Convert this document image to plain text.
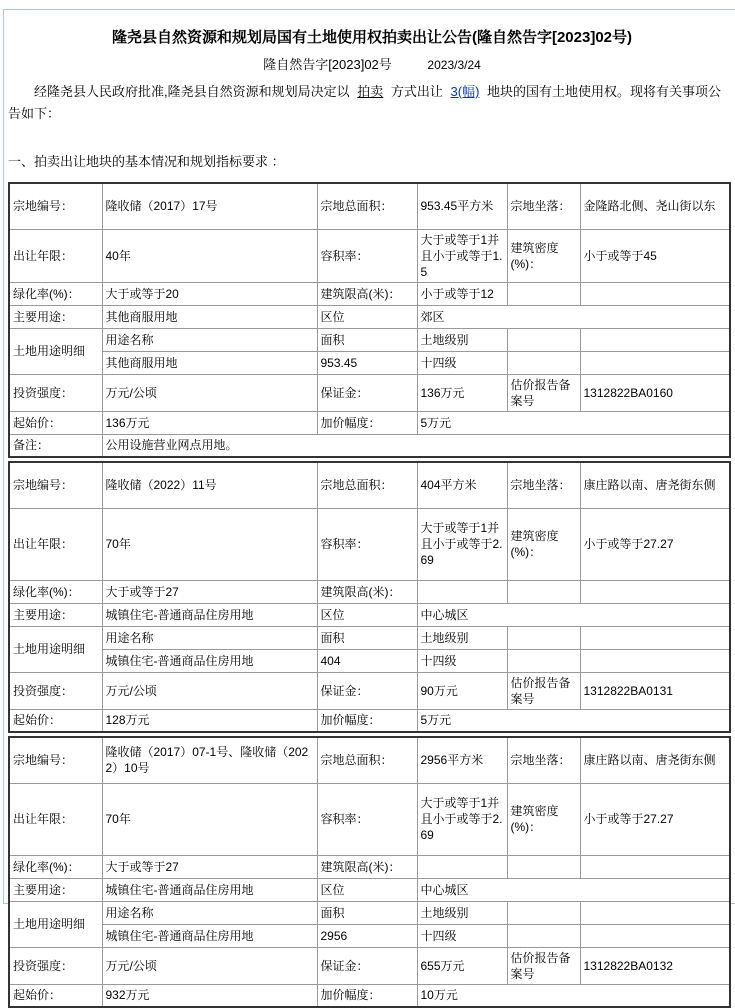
隆尧县自然资源和规划局国有土地使用权拍卖出让公告(隆自然告字[2023]02号)
隆自然告字[2023]02号	2023/3/24

经隆尧县人民政府批准,隆尧县自然资源和规划局决定以 拍卖 方式出让 3(幅) 地块的国有土地使用权。现将有关事项公告如下：

一、拍卖出让地块的基本情况和规划指标要求 ：

宗地编号：	隆收储（2017）17号	宗地总面积：	953.45平方米	宗地坐落：	金隆路北侧、尧山街以东
出让年限：	40年	容积率：	大于或等于1并且小于或等于1.5	建筑密度(%)：	小于或等于45
绿化率(%)：	大于或等于20	建筑限高(米)：	小于或等于12		
主要用途：	其他商服用地	区位	郊区		
土地用途明细	用途名称	面积	土地级别		
	其他商服用地	953.45	十四级		
投资强度：	万元/公顷	保证金：	136万元	估价报告备案号	1312822BA0160
起始价：	136万元	加价幅度：	5万元		
备注：	公用设施营业网点用地。				
宗地编号：	隆收储（2022）11号	宗地总面积：	404平方米	宗地坐落：	康庄路以南、唐尧街东侧
出让年限：	70年	容积率：	大于或等于1并且小于或等于2.69	建筑密度(%)：	小于或等于27.27
绿化率(%)：	大于或等于27	建筑限高(米)：			
主要用途：	城镇住宅-普通商品住房用地	区位	中心城区		
土地用途明细	用途名称	面积	土地级别		
	城镇住宅-普通商品住房用地	404	十四级		
投资强度：	万元/公顷	保证金：	90万元	估价报告备案号	1312822BA0131
起始价：	128万元	加价幅度：	5万元		
宗地编号：	隆收储（2017）07-1号、隆收储（2022）10号	宗地总面积：	2956平方米	宗地坐落：	康庄路以南、唐尧街东侧
出让年限：	70年	容积率：	大于或等于1并且小于或等于2.69	建筑密度(%)：	小于或等于27.27
绿化率(%)：	大于或等于27	建筑限高(米)：			
主要用途：	城镇住宅-普通商品住房用地	区位	中心城区		
土地用途明细	用途名称	面积	土地级别		
	城镇住宅-普通商品住房用地	2956	十四级		
投资强度：	万元/公顷	保证金：	655万元	估价报告备案号	1312822BA0132
起始价：	932万元	加价幅度：	10万元		
